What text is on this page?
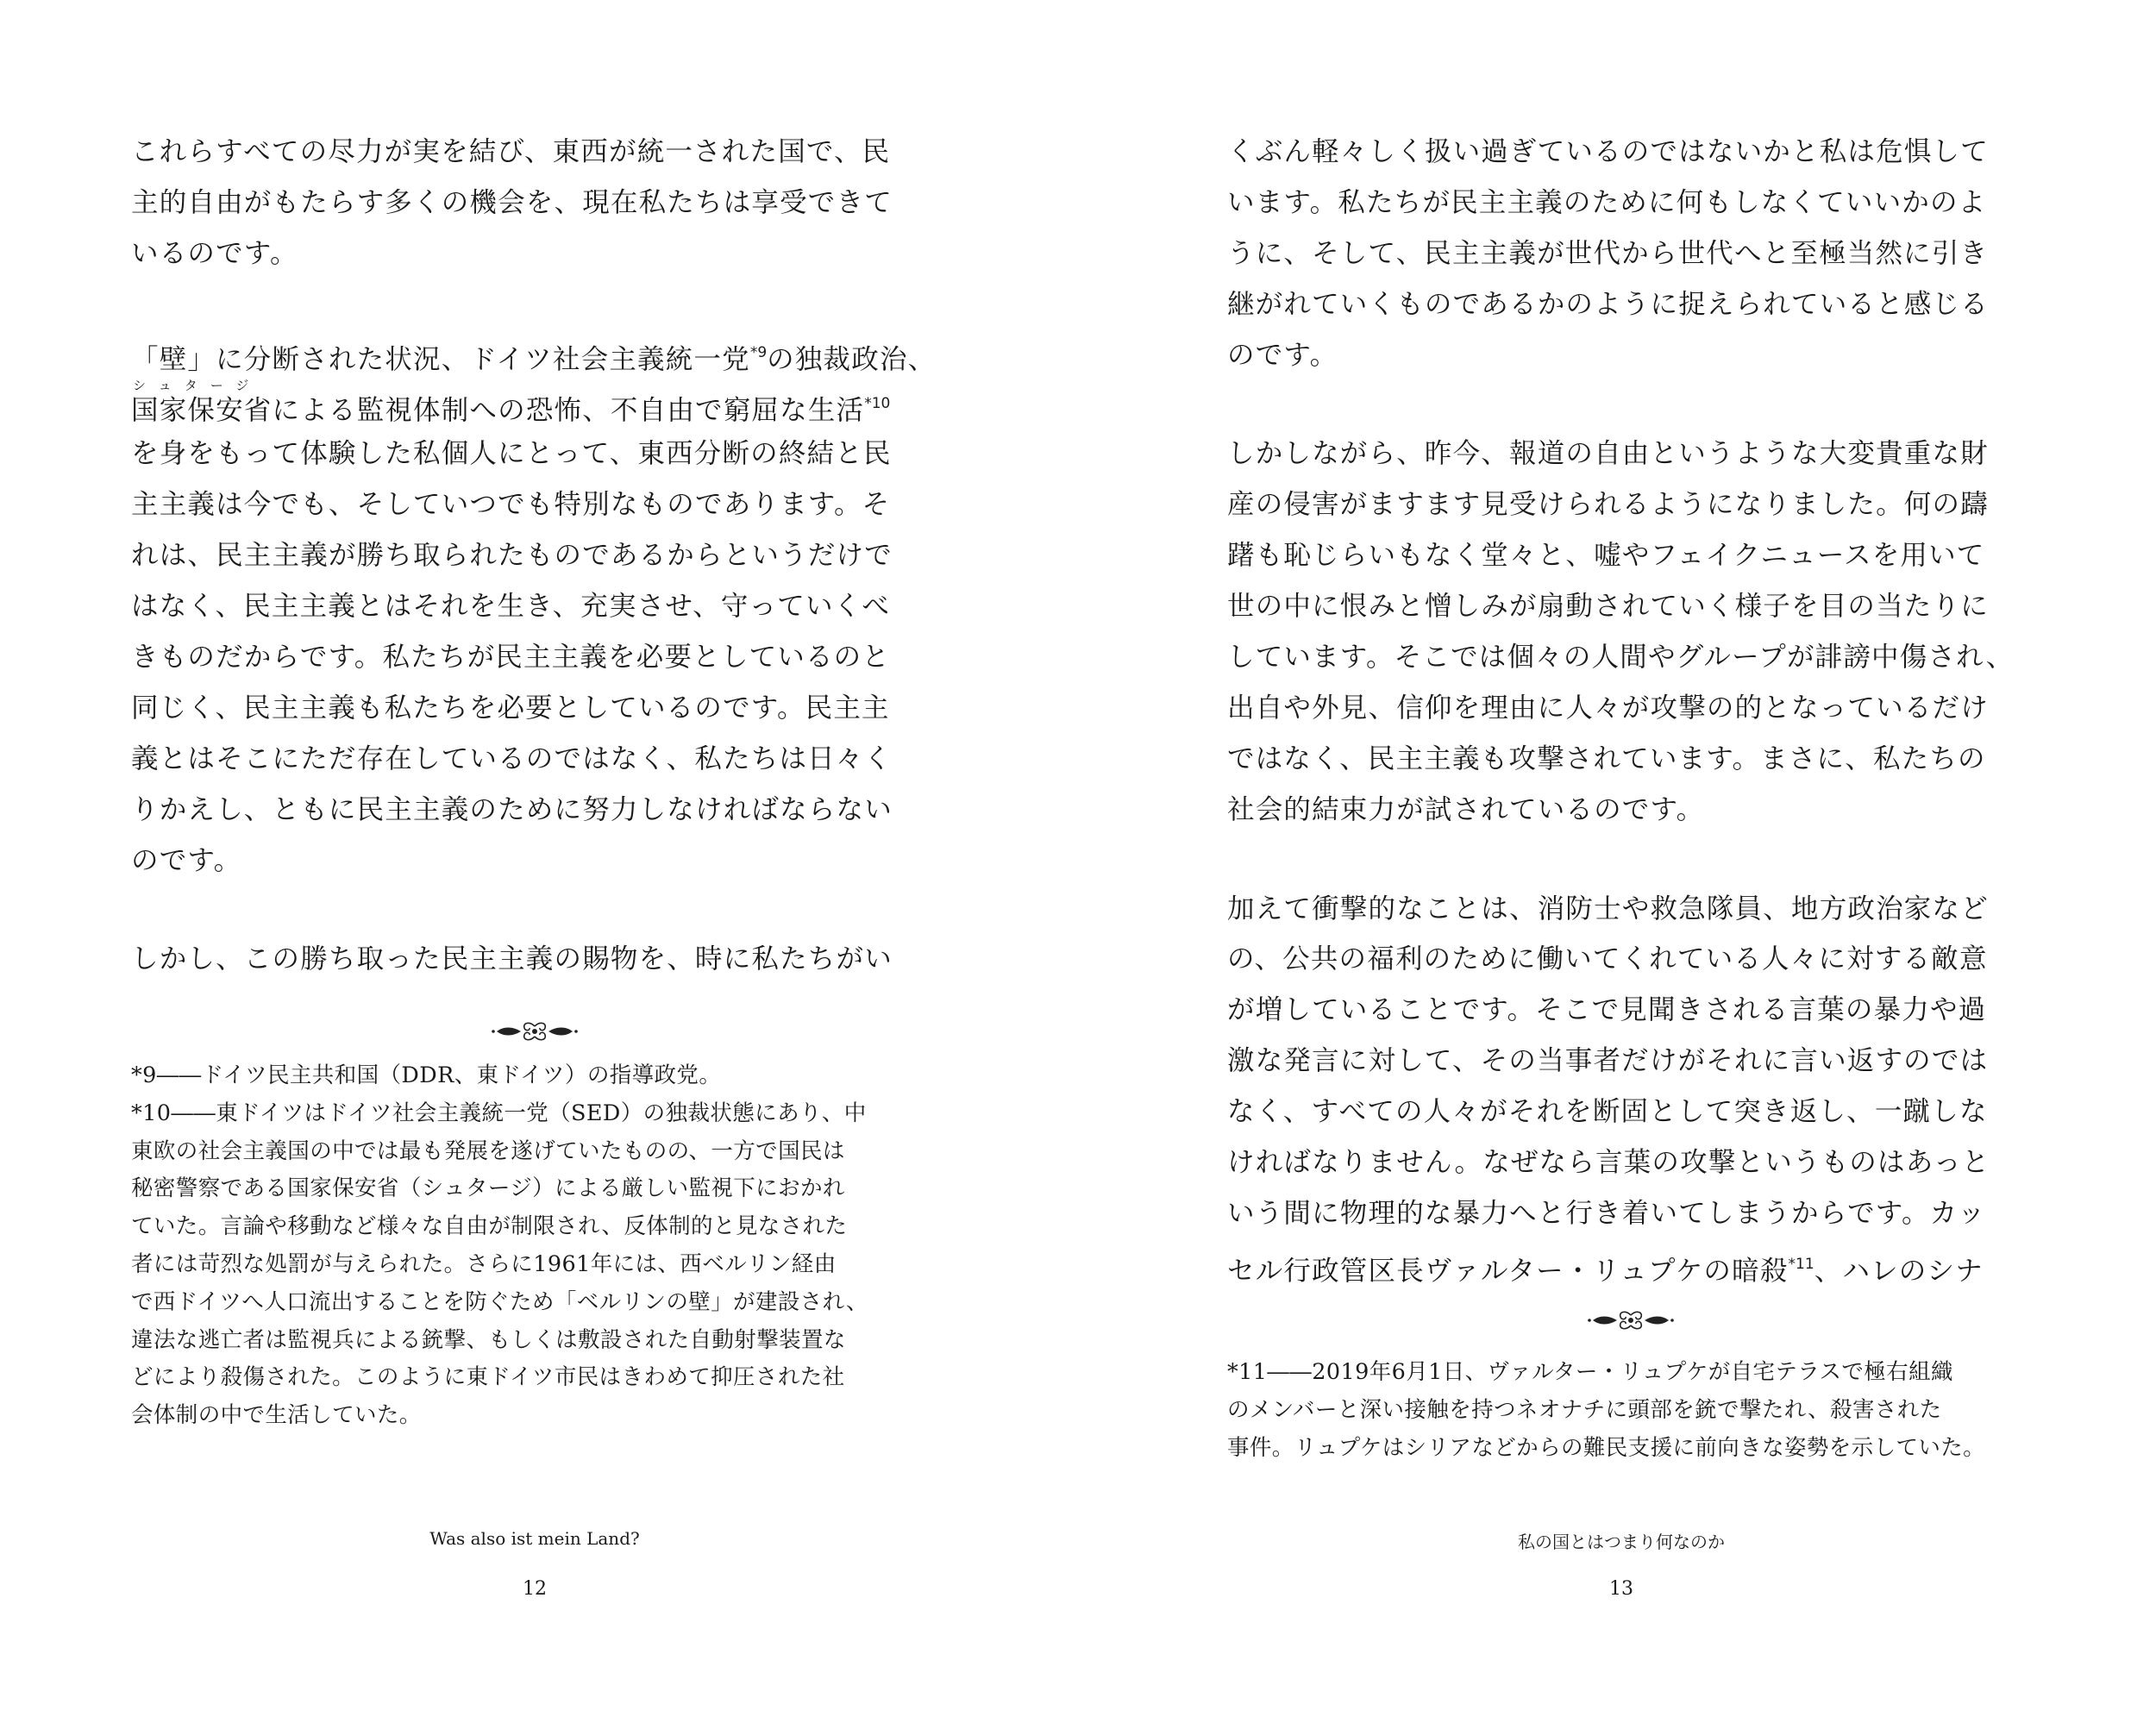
これらすべての尽力が実を結び、東西が統一された国で、民
主的自由がもたらす多くの機会を、現在私たちは享受できて
いるのです。

「壁」に分断された状況、ドイツ社会主義統一党$^{*9}$の独裁政治、
シュタージ
国家保安省による監視体制への恐怖、不自由で窮屈な生活$^{*10}$
を身をもって体験した私個人にとって、東西分断の終結と民
主主義は今でも、そしていつでも特別なものであります。そ
れは、民主主義が勝ち取られたものであるからというだけで
はなく、民主主義とはそれを生き、充実させ、守っていくべ
きものだからです。私たちが民主主義を必要としているのと
同じく、民主主義も私たちを必要としているのです。民主主
義とはそこにただ存在しているのではなく、私たちは日々く
りかえし、ともに民主主義のために努力しなければならない
のです。

しかし、この勝ち取った民主主義の賜物を、時に私たちがい

*9――ドイツ民主共和国（DDR、東ドイツ）の指導政党。
*10――東ドイツはドイツ社会主義統一党（SED）の独裁状態にあり、中
東欧の社会主義国の中では最も発展を遂げていたものの、一方で国民は
秘密警察である国家保安省（シュタージ）による厳しい監視下におかれ
ていた。言論や移動など様々な自由が制限され、反体制的と見なされた
者には苛烈な処罰が与えられた。さらに1961年には、西ベルリン経由
で西ドイツへ人口流出することを防ぐため「ベルリンの壁」が建設され、
違法な逃亡者は監視兵による銃撃、もしくは敷設された自動射撃装置な
どにより殺傷された。このように東ドイツ市民はきわめて抑圧された社
会体制の中で生活していた。
Was also ist mein Land?
12

くぶん軽々しく扱い過ぎているのではないかと私は危惧して
います。私たちが民主主義のために何もしなくていいかのよ
うに、そして、民主主義が世代から世代へと至極当然に引き
継がれていくものであるかのように捉えられていると感じる
のです。

しかしながら、昨今、報道の自由というような大変貴重な財
産の侵害がますます見受けられるようになりました。何の躊
躇も恥じらいもなく堂々と、嘘やフェイクニュースを用いて
世の中に恨みと憎しみが扇動されていく様子を目の当たりに
しています。そこでは個々の人間やグループが誹謗中傷され、
出自や外見、信仰を理由に人々が攻撃の的となっているだけ
ではなく、民主主義も攻撃されています。まさに、私たちの
社会的結束力が試されているのです。

加えて衝撃的なことは、消防士や救急隊員、地方政治家など
の、公共の福利のために働いてくれている人々に対する敵意
が増していることです。そこで見聞きされる言葉の暴力や過
激な発言に対して、その当事者だけがそれに言い返すのでは
なく、すべての人々がそれを断固として突き返し、一蹴しな
ければなりません。なぜなら言葉の攻撃というものはあっと
いう間に物理的な暴力へと行き着いてしまうからです。カッ
セル行政管区長ヴァルター・リュプケの暗殺$^{*11}$、ハレのシナ

*11――2019年6月1日、ヴァルター・リュプケが自宅テラスで極右組織
のメンバーと深い接触を持つネオナチに頭部を銃で撃たれ、殺害された
事件。リュプケはシリアなどからの難民支援に前向きな姿勢を示していた。
私の国とはつまり何なのか
13
